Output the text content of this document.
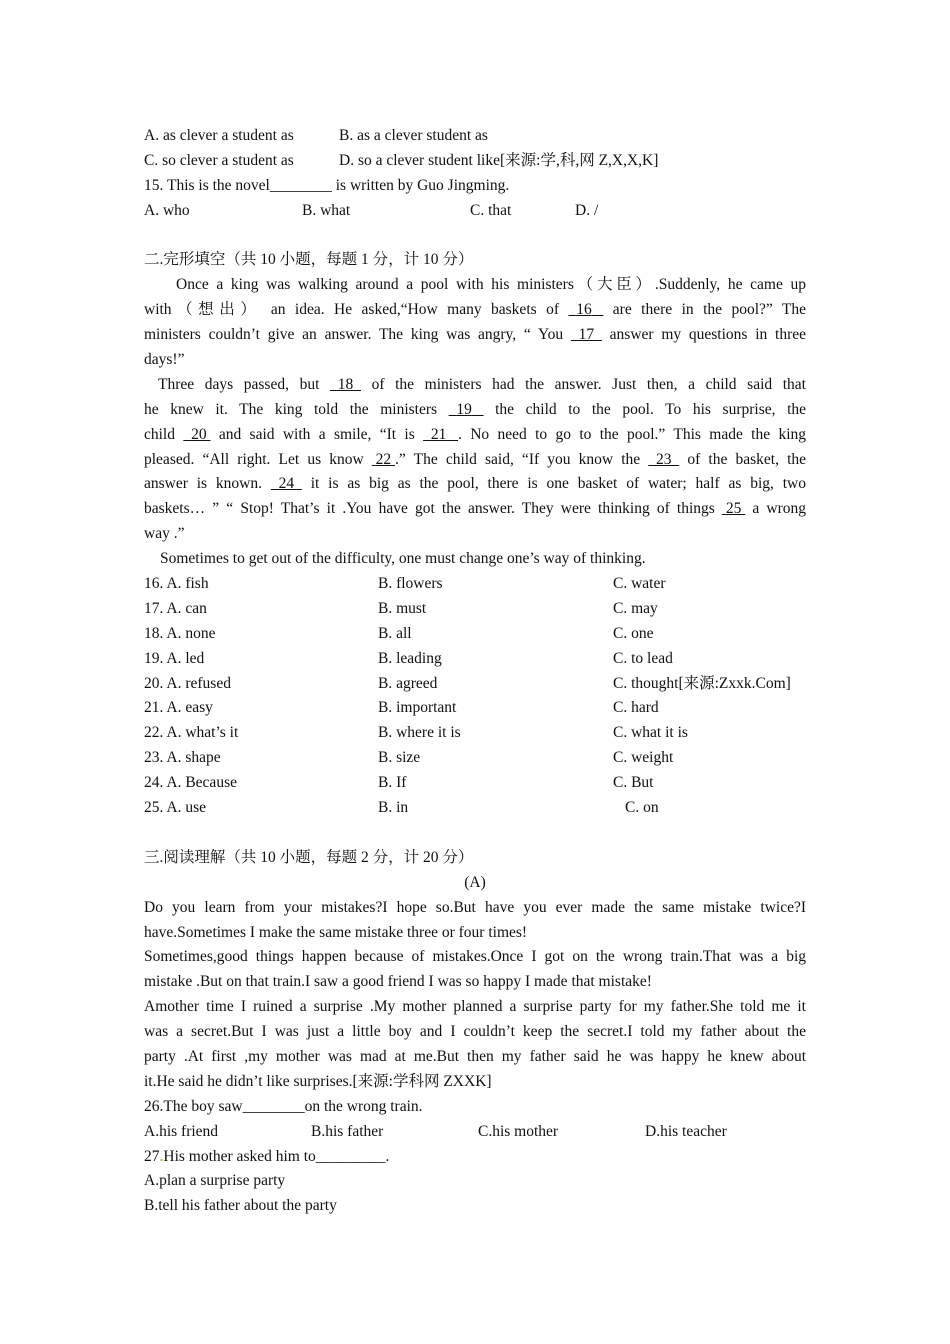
A. as clever a student as	B. as a clever student as
C. so clever a student as	D. so a clever student like[来源:学,科,网 Z,X,X,K]
15. This is the novel________ is written by Guo Jingming.
A. who	B. what	C. that	D. /
二.完形填空（共 10 小题，每题 1 分，计 10 分）
Once a king was walking around a pool with his ministers（大臣）.Suddenly, he came up
with（想出） an idea. He asked,“How many baskets of 16 are there in the pool?” The
ministers couldn’t give an answer. The king was angry, “ You 17 answer my questions in three
days!”
Three days passed, but 18 of the ministers had the answer. Just then, a child said that
he knew it. The king told the ministers 19 the child to the pool. To his surprise, the
child 20 and said with a smile, “It is 21 . No need to go to the pool.” This made the king
pleased. “All right. Let us know 22 .” The child said, “If you know the 23 of the basket, the
answer is known. 24 it is as big as the pool, there is one basket of water; half as big, two
baskets… ” “ Stop! That’s it .You have got the answer. They were thinking of things 25 a wrong
way .”
Sometimes to get out of the difficulty, one must change one’s way of thinking.
16. A. fish	B. flowers	C. water
17. A. can	B. must	C. may
18. A. none	B. all	C. one
19. A. led	B. leading	C. to lead
20. A. refused	B. agreed	C. thought[来源:Zxxk.Com]
21. A. easy	B. important	C. hard
22. A. what’s it	B. where it is	C. what it is
23. A. shape	B. size	C. weight
24. A. Because	B. If	C. But
25. A. use	B. in	C. on
三.阅读理解（共 10 小题，每题 2 分，计 20 分）
(A)
Do you learn from your mistakes?I hope so.But have you ever made the same mistake twice?I
have.Sometimes I make the same mistake three or four times!
Sometimes,good things happen because of mistakes.Once I got on the wrong train.That was a big
mistake .But on that train.I saw a good friend I was so happy I made that mistake!
Amother time I ruined a surprise .My mother planned a surprise party for my father.She told me it
was a secret.But I was just a little boy and I couldn’t keep the secret.I told my father about the
party .At first ,my mother was mad at me.But then my father said he was happy he knew about
it.He said he didn’t like surprises.[来源:学科网 ZXXK]
26.The boy saw________on the wrong train.
A.his friend	B.his father	C.his mother	D.his teacher
27.His mother asked him to_________.
A.plan a surprise party
B.tell his father about the party
